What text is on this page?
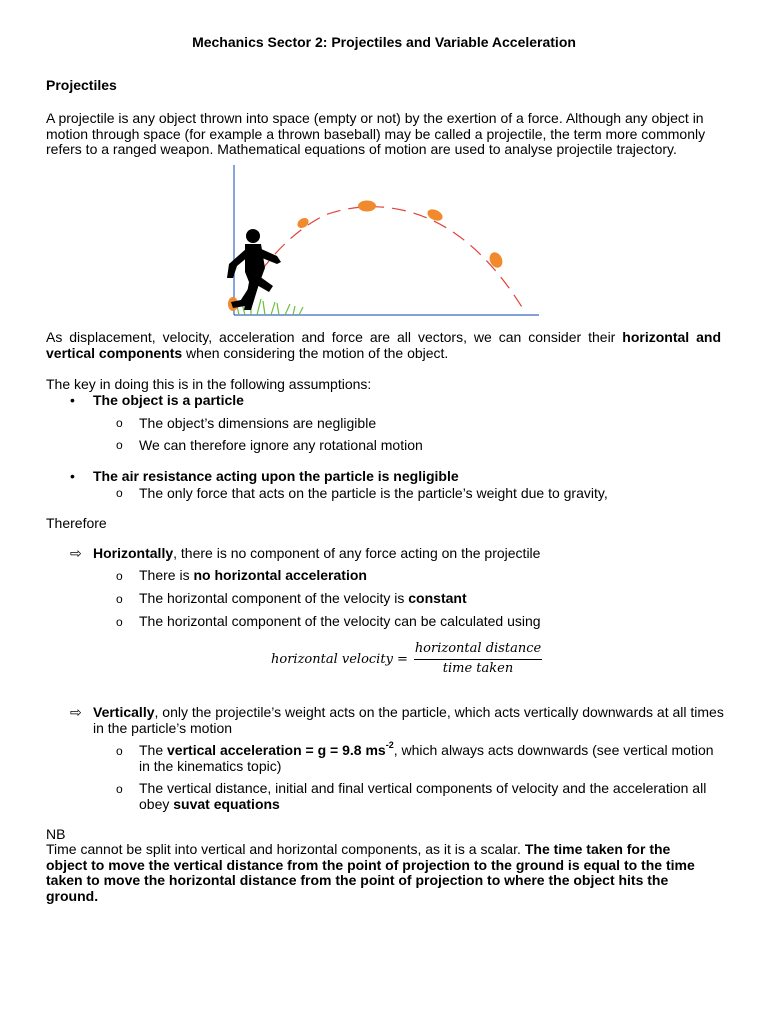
Mechanics Sector 2: Projectiles and Variable Acceleration
Projectiles
A projectile is any object thrown into space (empty or not) by the exertion of a force. Although any object in
motion through space (for example a thrown baseball) may be called a projectile, the term more commonly
refers to a ranged weapon. Mathematical equations of motion are used to analyse projectile trajectory.
As displacement, velocity, acceleration and force are all vectors, we can consider their horizontal and
vertical components when considering the motion of the object.
The key in doing this is in the following assumptions:
• The object is a particle
o The object’s dimensions are negligible
o We can therefore ignore any rotational motion
• The air resistance acting upon the particle is negligible
o The only force that acts on the particle is the particle’s weight due to gravity,
Therefore
⇨ Horizontally, there is no component of any force acting on the projectile
o There is no horizontal acceleration
o The horizontal component of the velocity is constant
o The horizontal component of the velocity can be calculated using
horizontal velocity =
horizontal distance
time taken
⇨ Vertically, only the projectile’s weight acts on the particle, which acts vertically downwards at all times
in the particle’s motion
o The vertical acceleration = g = 9.8 $ms^{-2}$, which always acts downwards (see vertical motion
in the kinematics topic)
o The vertical distance, initial and final vertical components of velocity and the acceleration all
obey suvat equations
NB
Time cannot be split into vertical and horizontal components, as it is a scalar. The time taken for the
object to move the vertical distance from the point of projection to the ground is equal to the time
taken to move the horizontal distance from the point of projection to where the object hits the
ground.
